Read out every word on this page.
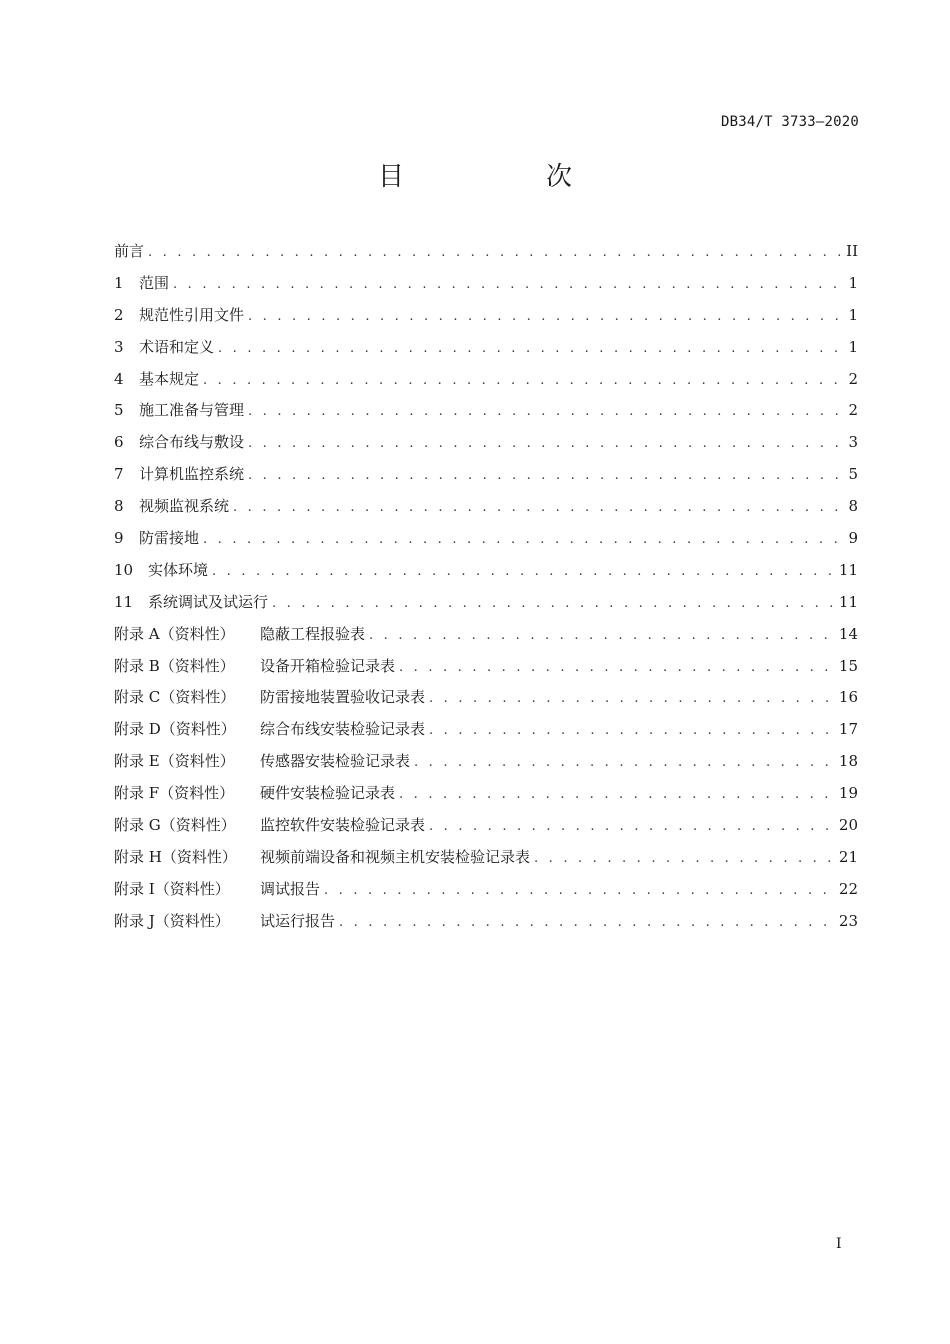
DB34/T 3733—2020
目　次
前言 . . .	II
1	范围 . . .	1
2	规范性引用文件 . . .	1
3	术语和定义 . . .	1
4	基本规定 . . .	2
5	施工准备与管理 . . .	2
6	综合布线与敷设 . . .	3
7	计算机监控系统 . . .	5
8	视频监视系统 . . .	8
9	防雷接地 . . .	9
10 实体环境 . . .	11
11 系统调试及试运行 . . .	11
附录 A（资料性）	隐蔽工程报验表 . . .	14
附录 B（资料性）	设备开箱检验记录表 . . .	15
附录 C（资料性）	防雷接地装置验收记录表 . . .	16
附录 D（资料性）	综合布线安装检验记录表 . . .	17
附录 E（资料性）	传感器安装检验记录表 . . .	18
附录 F（资料性）	硬件安装检验记录表 . . .	19
附录 G（资料性）	监控软件安装检验记录表 . . .	20
附录 H（资料性）	视频前端设备和视频主机安装检验记录表 . . .	21
附录 I（资料性）	调试报告 . . .	22
附录 J（资料性）	试运行报告 . . .	23
I
